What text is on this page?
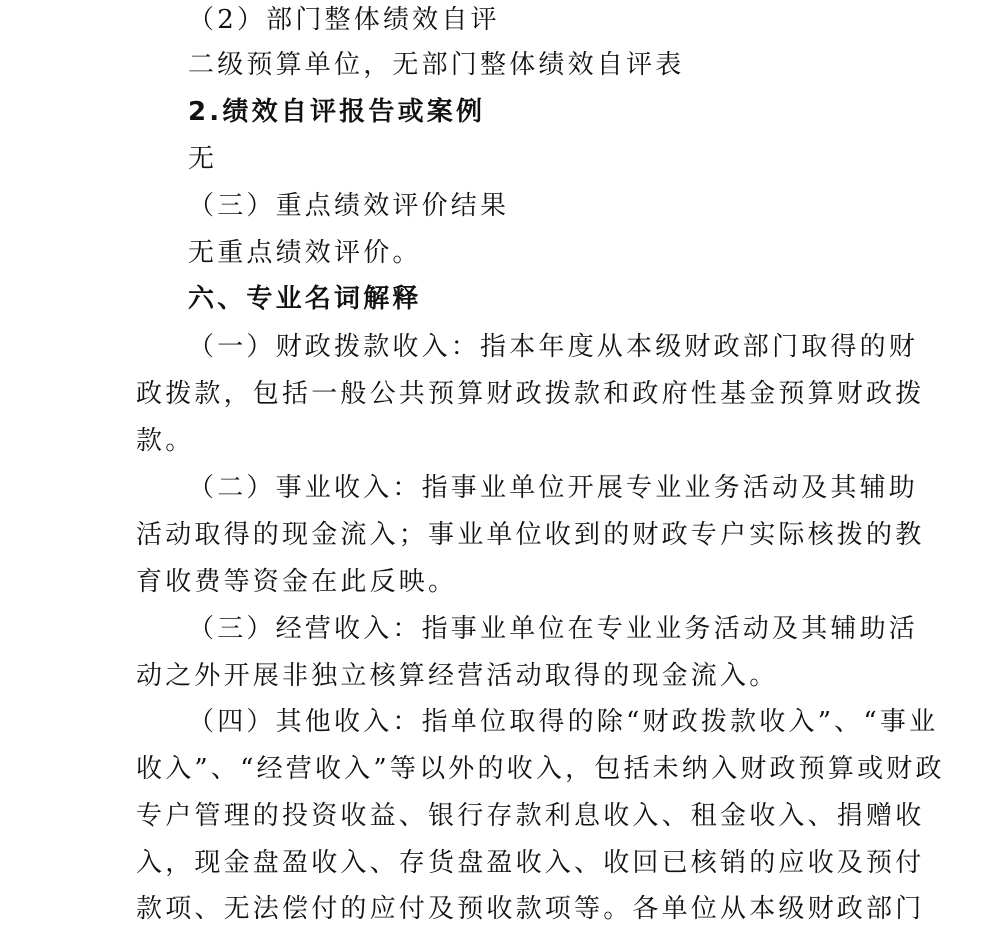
（2）部门整体绩效自评
二级预算单位，无部门整体绩效自评表
2.绩效自评报告或案例
无
（三）重点绩效评价结果
无重点绩效评价。
六、专业名词解释
（一）财政拨款收入：指本年度从本级财政部门取得的财
政拨款，包括一般公共预算财政拨款和政府性基金预算财政拨
款。
（二）事业收入：指事业单位开展专业业务活动及其辅助
活动取得的现金流入；事业单位收到的财政专户实际核拨的教
育收费等资金在此反映。
（三）经营收入：指事业单位在专业业务活动及其辅助活
动之外开展非独立核算经营活动取得的现金流入。
（四）其他收入：指单位取得的除“财政拨款收入”、“事业
收入”、“经营收入”等以外的收入，包括未纳入财政预算或财政
专户管理的投资收益、银行存款利息收入、租金收入、捐赠收
入，现金盘盈收入、存货盘盈收入、收回已核销的应收及预付
款项、无法偿付的应付及预收款项等。各单位从本级财政部门
